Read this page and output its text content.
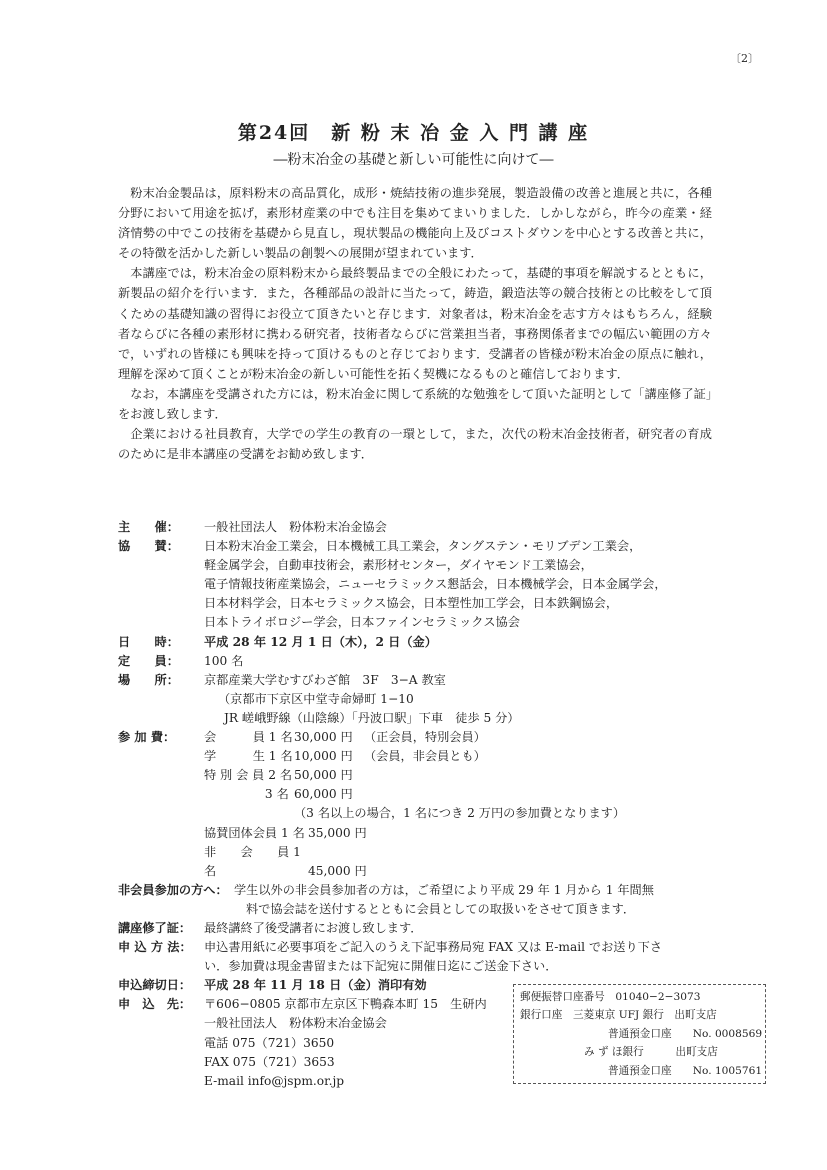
〔2〕
第24回　新 粉 末 冶 金 入 門 講 座
―粉末冶金の基礎と新しい可能性に向けて―

粉末冶金製品は，原料粉末の高品質化，成形・焼結技術の進歩発展，製造設備の改善と進展と共に，各種分野において用途を拡げ，素形材産業の中でも注目を集めてまいりました．しかしながら，昨今の産業・経済情勢の中でこの技術を基礎から見直し，現状製品の機能向上及びコストダウンを中心とする改善と共に，その特徴を活かした新しい製品の創製への展開が望まれています．

本講座では，粉末冶金の原料粉末から最終製品までの全般にわたって，基礎的事項を解説するとともに，新製品の紹介を行います．また，各種部品の設計に当たって，鋳造，鍛造法等の競合技術との比較をして頂くための基礎知識の習得にお役立て頂きたいと存じます．対象者は，粉末冶金を志す方々はもちろん，経験者ならびに各種の素形材に携わる研究者，技術者ならびに営業担当者，事務関係者までの幅広い範囲の方々で，いずれの皆様にも興味を持って頂けるものと存じております．受講者の皆様が粉末冶金の原点に触れ，理解を深めて頂くことが粉末冶金の新しい可能性を拓く契機になるものと確信しております．

なお，本講座を受講された方には，粉末冶金に関して系統的な勉強をして頂いた証明として「講座修了証」をお渡し致します．

企業における社員教育，大学での学生の教育の一環として，また，次代の粉末冶金技術者，研究者の育成のために是非本講座の受講をお勧め致します．

主　　催： 一般社団法人　粉体粉末冶金協会
協　　賛： 日本粉末冶金工業会，日本機械工具工業会，タングステン・モリブデン工業会，
軽金属学会，自動車技術会，素形材センター，ダイヤモンド工業協会，
電子情報技術産業協会，ニューセラミックス懇話会，日本機械学会，日本金属学会，
日本材料学会，日本セラミックス協会，日本塑性加工学会，日本鉄鋼協会，
日本トライボロジー学会，日本ファインセラミックス協会
日　　時： 平成 28 年 12 月 1 日（木），2 日（金）
定　　員： 100 名
場　　所： 京都産業大学むすびわざ館　3F　3−A 教室
（京都市下京区中堂寺命婦町 1−10
JR 嵯峨野線（山陰線）「丹波口駅」下車　徒歩 5 分）
参 加 費： 会　　　員 1 名30,000 円 （正会員，特別会員）
学　　　生 1 名10,000 円 （会員，非会員とも）
特 別 会 員 2 名 50,000 円
　　　　　3 名 60,000 円
（3 名以上の場合，1 名につき 2 万円の参加費となります）
協賛団体会員 1 名 35,000 円
非　　会　　員 1 名	45,000 円
非会員参加の方へ： 学生以外の非会員参加者の方は，ご希望により平成 29 年 1 月から 1 年間無
料で協会誌を送付するとともに会員としての取扱いをさせて頂きます．
講座修了証： 最終講終了後受講者にお渡し致します．
申 込 方 法： 申込書用紙に必要事項をご記入のうえ下記事務局宛 FAX 又は E-mail でお送り下さ
い．参加費は現金書留または下記宛に開催日迄にご送金下さい．
申込締切日： 平成 28 年 11 月 18 日（金）消印有効
申　込　先： 〒606−0805 京都市左京区下鴨森本町 15　生研内
一般社団法人　粉体粉末冶金協会
電話 075（721）3650
FAX 075（721）3653
E-mail info@jspm.or.jp
郵便振替口座番号　01040−2−3073
銀行口座　三菱東京 UFJ 銀行　出町支店
普通預金口座　　 No. 0008569
み ず ほ銀行　　　	出町支店
普通預金口座　　 No. 1005761
